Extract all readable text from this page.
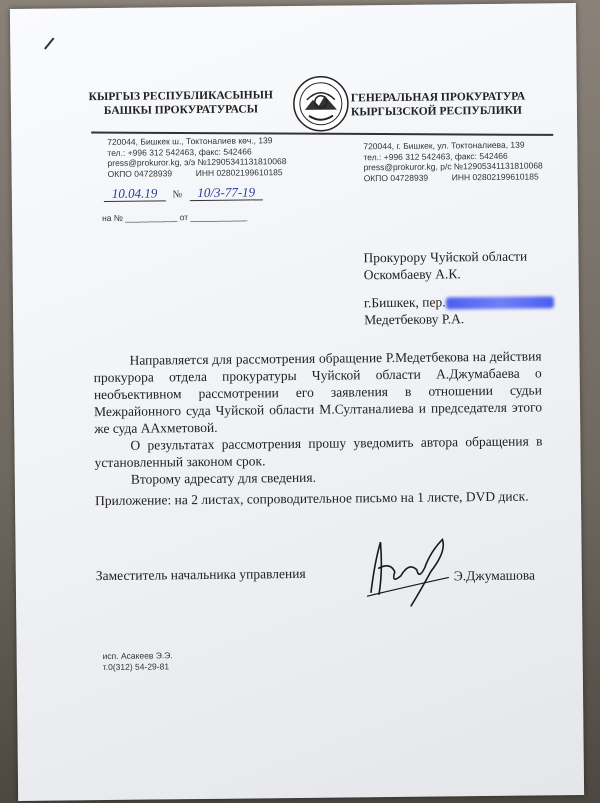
КЫРГЫЗ РЕСПУБЛИКАСЫНЫН
БАШКЫ ПРОКУРАТУРАСЫ
ГЕНЕРАЛЬНАЯ ПРОКУРАТУРА
КЫРГЫЗСКОЙ РЕСПУБЛИКИ
720044, Бишкек ш., Токтоналиев көч., 139
тел.: +996 312 542463, факс: 542466
press@prokuror.kg, э/э №12905341131810068
ОКПО 04728939          ИНН 02802199610185
720044, г. Бишкек, ул. Токтоналиева, 139
тел.: +996 312 542463, факс: 542466
press@prokuror.kg, р/с №12905341131810068
ОКПО 04728939          ИНН 02802199610185
10.04.19 № 10/3-77-19
на № ___________ от ____________
Прокурору Чуйской области
Оскомбаеву А.К.
г.Бишкек, пер.
Медетбекову Р.А.

Направляется для рассмотрения обращение Р.Медетбекова на действия прокурора отдела прокуратуры Чуйской области А.Джумабаева о необъективном рассмотрении его заявления в отношении судьи Межрайонного суда Чуйской области М.Султаналиева и председателя этого же суда ААхметовой.

О результатах рассмотрения прошу уведомить автора обращения в установленный законом срок.

Второму адресату для сведения.

Приложение: на 2 листах, сопроводительное письмо на 1 листе, DVD диск.
Заместитель начальника управления	Э.Джумашова
исп. Асакеев Э.Э.
т.0(312) 54-29-81
